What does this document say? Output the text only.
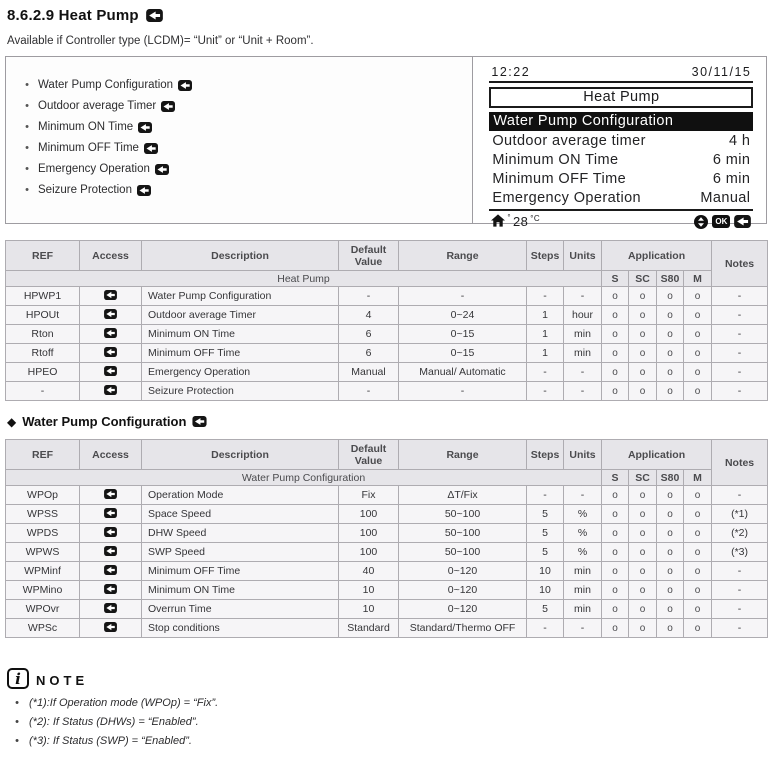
8.6.2.9 Heat Pump

Available if Controller type (LCDM)= “Unit” or “Unit + Room”.

• Water Pump Configuration
• Outdoor average Timer
• Minimum ON Time
• Minimum OFF Time
• Emergency Operation
• Seizure Protection
12:22	30/11/15
Heat Pump
Water Pump Configuration
Outdoor average timer	4 h
Minimum ON Time	6 min
Minimum OFF Time	6 min
Emergency Operation	Manual
° 28 °C	OK
REF	Access	Description	Default Value	Range	Steps	Units	Application				Notes
Heat Pump							S	SC	S80	M	
HPWP1		Water Pump Configuration	-	-	-	-	o	o	o	o	-
HPOUt		Outdoor average Timer	4	0~24	1	hour	o	o	o	o	-
Rton		Minimum ON Time	6	0~15	1	min	o	o	o	o	-
Rtoff		Minimum OFF Time	6	0~15	1	min	o	o	o	o	-
HPEO		Emergency Operation	Manual	Manual/ Automatic	-	-	o	o	o	o	-
-		Seizure Protection	-	-	-	-	o	o	o	o	-
◆ Water Pump Configuration
REF	Access	Description	Default Value	Range	Steps	Units	Application				Notes
Water Pump Configuration							S	SC	S80	M	
WPOp		Operation Mode	Fix	ΔT/Fix	-	-	o	o	o	o	-
WPSS		Space Speed	100	50~100	5	%	o	o	o	o	(*1)
WPDS		DHW Speed	100	50~100	5	%	o	o	o	o	(*2)
WPWS		SWP Speed	100	50~100	5	%	o	o	o	o	(*3)
WPMinf		Minimum OFF Time	40	0~120	10	min	o	o	o	o	-
WPMino		Minimum ON Time	10	0~120	10	min	o	o	o	o	-
WPOvr		Overrun Time	10	0~120	5	min	o	o	o	o	-
WPSc		Stop conditions	Standard	Standard/Thermo OFF	-	-	o	o	o	o	-
i	NOTE
• (*1):If Operation mode (WPOp) = “Fix”.
• (*2): If Status (DHWs) = “Enabled”.
• (*3): If Status (SWP) = “Enabled”.
